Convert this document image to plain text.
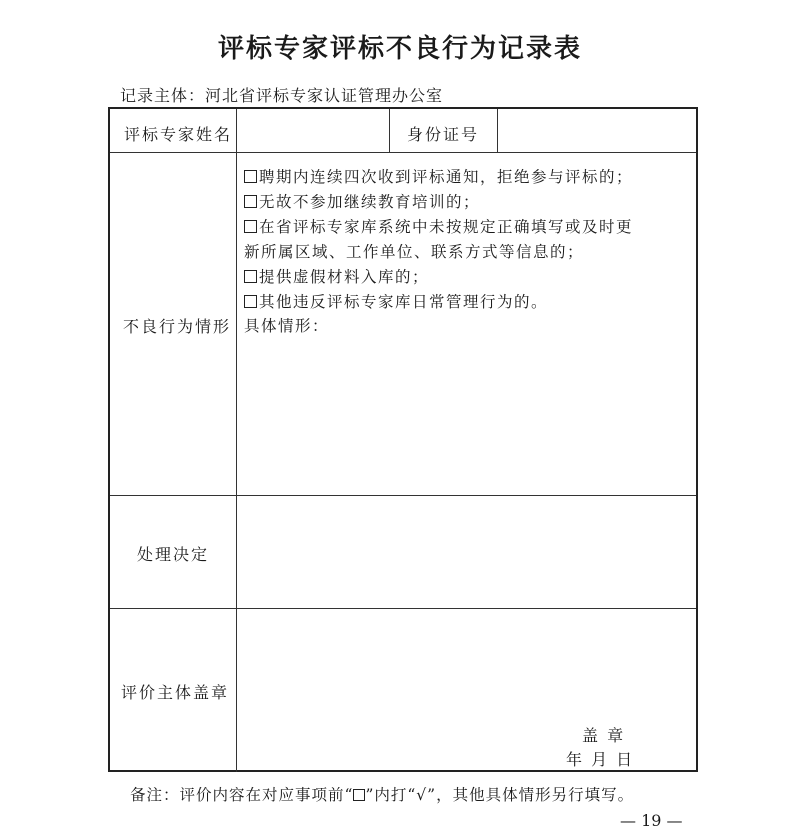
评标专家评标不良行为记录表
记录主体：河北省评标专家认证管理办公室
评标专家姓名	身份证号
不良行为情形
聘期内连续四次收到评标通知，拒绝参与评标的；
无故不参加继续教育培训的；
在省评标专家库系统中未按规定正确填写或及时更
新所属区域、工作单位、联系方式等信息的；
提供虚假材料入库的；
其他违反评标专家库日常管理行为的。
具体情形：
处理决定
评价主体盖章
盖 章
年 月 日
备注：评价内容在对应事项前“ ”内打“√”，其他具体情形另行填写。
— 19 —
